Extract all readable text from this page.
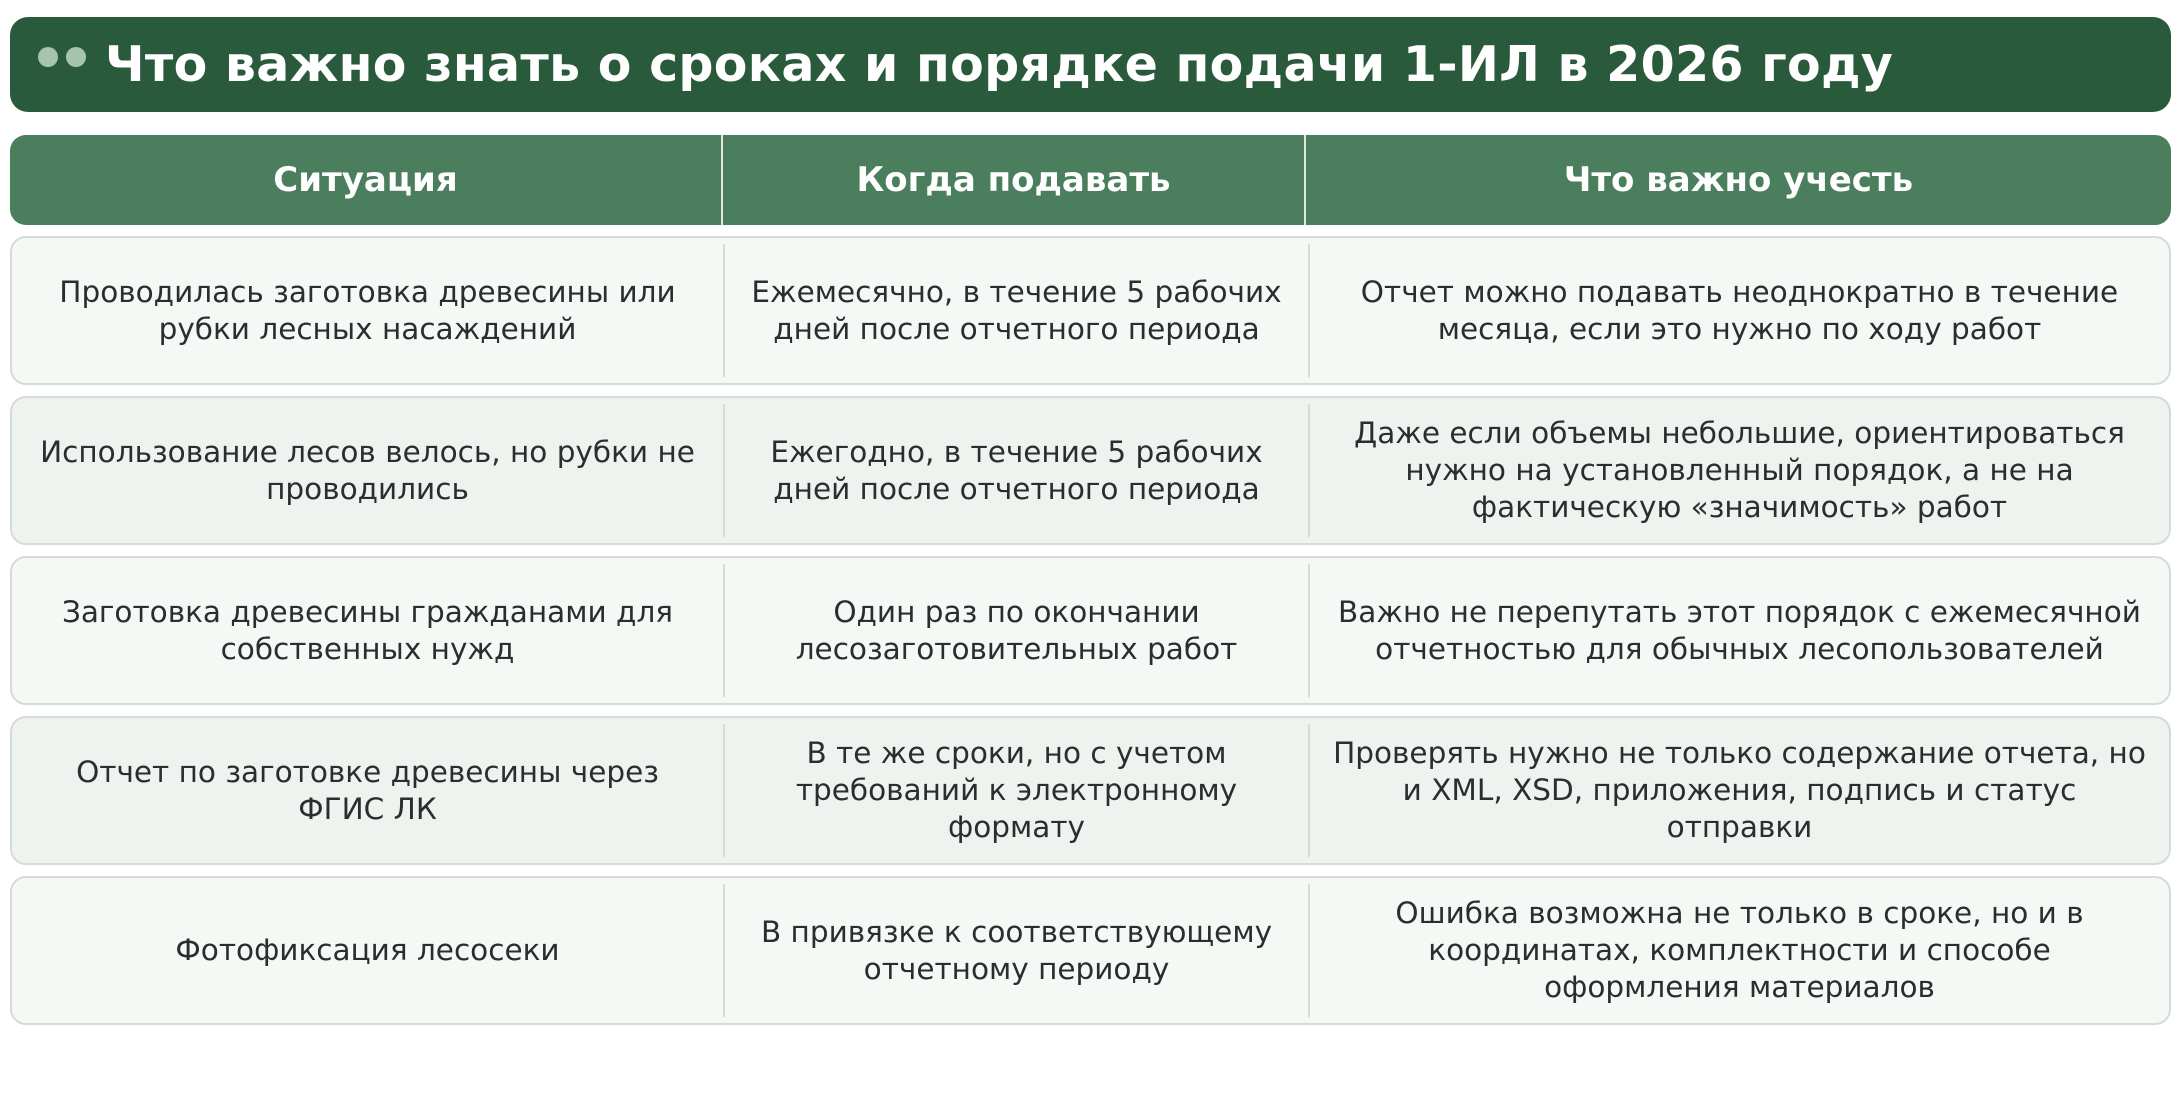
Что важно знать о сроках и порядке подачи 1-ИЛ в 2026 году
Ситуация	Когда подавать	Что важно учесть
Проводилась заготовка древесины или рубки лесных насаждений
Ежемесячно, в течение 5 рабочих дней после отчетного периода
Отчет можно подавать неоднократно в течение месяца, если это нужно по ходу работ
Использование лесов велось, но рубки не проводились
Ежегодно, в течение 5 рабочих дней после отчетного периода
Даже если объемы небольшие, ориентироваться нужно на установленный порядок, а не на фактическую «значимость» работ
Заготовка древесины гражданами для собственных нужд
Один раз по окончании лесозаготовительных работ
Важно не перепутать этот порядок с ежемесячной отчетностью для обычных лесопользователей
Отчет по заготовке древесины через ФГИС ЛК
В те же сроки, но с учетом требований к электронному формату
Проверять нужно не только содержание отчета, но и XML, XSD, приложения, подпись и статус отправки
Фотофиксация лесосеки
В привязке к соответствующему отчетному периоду
Ошибка возможна не только в сроке, но и в координатах, комплектности и способе оформления материалов
